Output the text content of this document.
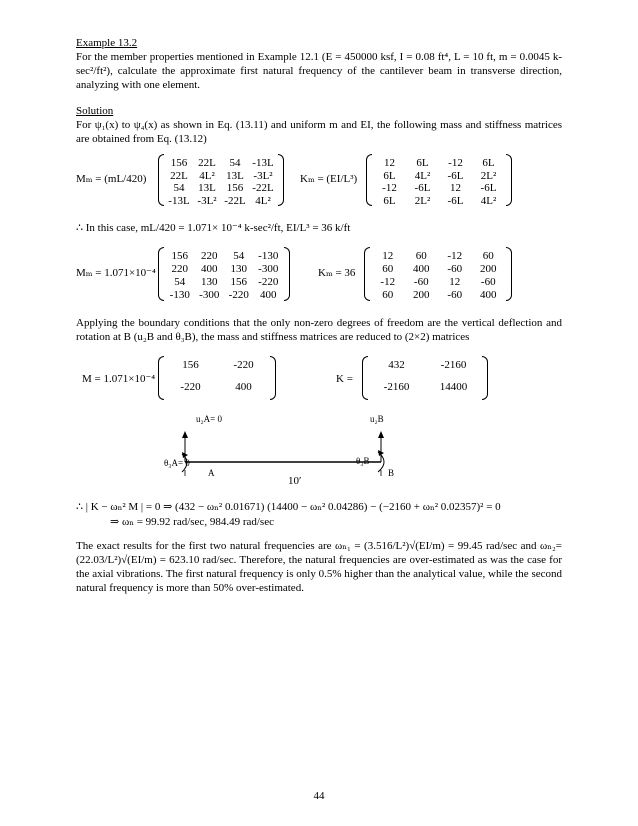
Example 13.2
For the member properties mentioned in Example 12.1 (E = 450000 ksf, I = 0.08 ft⁴, L = 10 ft, m = 0.0045 k-sec²/ft²), calculate the approximate first natural frequency of the cantilever beam in transverse direction, analyzing with one element.
Solution
For ψ₁(x) to ψ₄(x) as shown in Eq. (13.11) and uniform m and EI, the following mass and stiffness matrices are obtained from Eq. (13.12)
Mₘ = (mL/420)
156 22L	54	-13L
22L	4L²	13L -3L²
54	13L 156 -22L
-13L -3L² -22L 4L²
Kₘ = (EI/L³)
12	6L	-12	6L
6L	4L²	-6L	2L²
-12	-6L	12	-6L
6L	2L²	-6L	4L²
∴ In this case, mL/420 = 1.071× 10⁻⁴ k-sec²/ft, EI/L³ = 36 k/ft
Mₘ = 1.071×10⁻⁴
156	220	54	-130
220	400	130	-300
54	130	156	-220
-130 -300 -220	400
Kₘ = 36
12	60	-12	60
60	400	-60	200
-12	-60	12	-60
60	200	-60	400
Applying the boundary conditions that the only non-zero degrees of freedom are the vertical deflection and rotation at B (u₂B and θ₃B), the mass and stiffness matrices are reduced to (2×2) matrices
M = 1.071×10⁻⁴
156	-220
-220	400
K =
432	-2160
-2160	14400
u₂A= 0
θ₃A= 0
A
u₂B
θ₃B
B
10′
∴ | K − ωₙ² M | = 0 ⇒ (432 − ωₙ² 0.01671) (14400 − ωₙ² 0.04286) − (−2160 + ωₙ² 0.02357)² = 0
⇒ ωₙ = 99.92 rad/sec, 984.49 rad/sec
The exact results for the first two natural frequencies are ωₙ₁ = (3.516/L²)√(EI/m) = 99.45 rad/sec and ωₙ₂= (22.03/L²)√(EI/m) = 623.10 rad/sec. Therefore, the natural frequencies are over-estimated as was the case for the axial vibrations. The first natural frequency is only 0.5% higher than the analytical value, while the second natural frequency is more than 50% over-estimated.
44
